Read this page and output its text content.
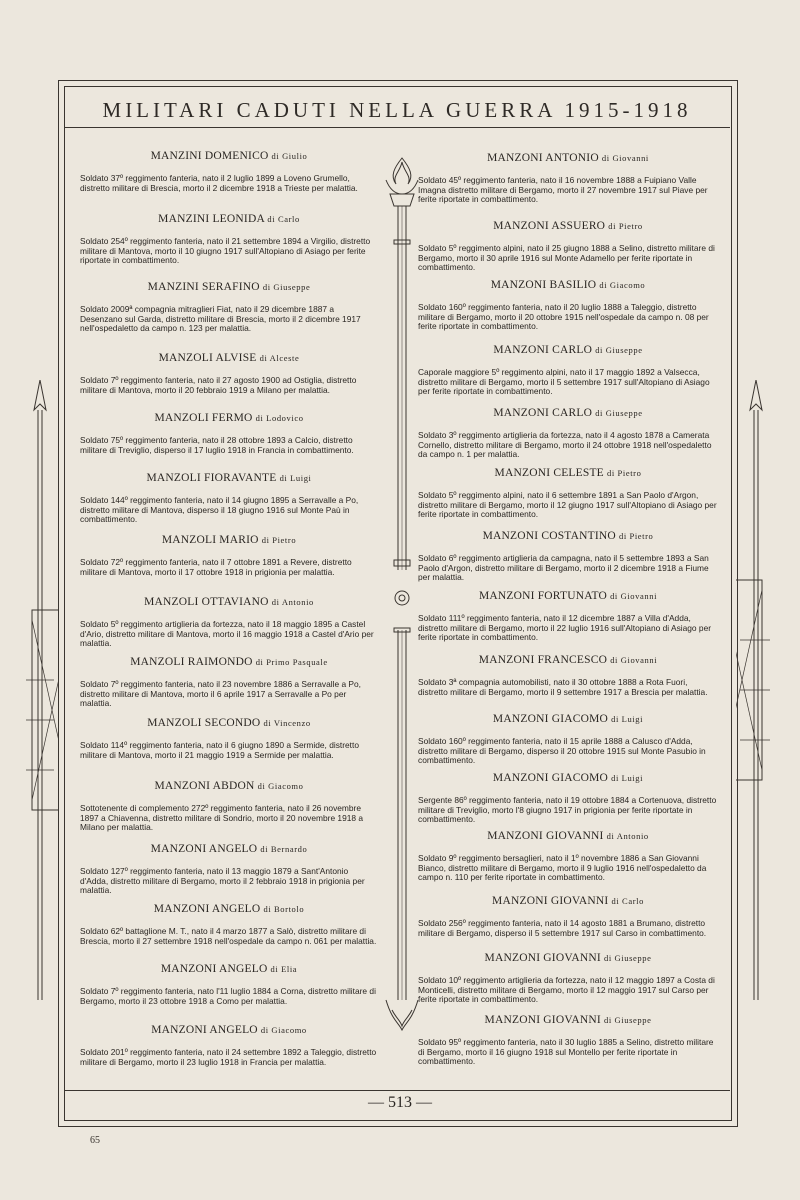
MILITARI CADUTI NELLA GUERRA 1915-1918
MANZINI DOMENICO di Giulio
Soldato 37º reggimento fanteria, nato il 2 luglio 1899 a Loveno Grumello, distretto militare di Brescia, morto il 2 dicembre 1918 a Trieste per malattia.
MANZINI LEONIDA di Carlo
Soldato 254º reggimento fanteria, nato il 21 settembre 1894 a Virgilio, distretto militare di Mantova, morto il 10 giugno 1917 sull'Altopiano di Asiago per ferite riportate in combattimento.
MANZINI SERAFINO di Giuseppe
Soldato 2009ª compagnia mitraglieri Fiat, nato il 29 dicembre 1887 a Desenzano sul Garda, distretto militare di Brescia, morto il 2 dicembre 1917 nell'ospedaletto da campo n. 123 per malattia.
MANZOLI ALVISE di Alceste
Soldato 7º reggimento fanteria, nato il 27 agosto 1900 ad Ostiglia, distretto militare di Mantova, morto il 20 febbraio 1919 a Milano per malattia.
MANZOLI FERMO di Lodovico
Soldato 75º reggimento fanteria, nato il 28 ottobre 1893 a Calcio, distretto militare di Treviglio, disperso il 17 luglio 1918 in Francia in combattimento.
MANZOLI FIORAVANTE di Luigi
Soldato 144º reggimento fanteria, nato il 14 giugno 1895 a Serravalle a Po, distretto militare di Mantova, disperso il 18 giugno 1916 sul Monte Paù in combattimento.
MANZOLI MARIO di Pietro
Soldato 72º reggimento fanteria, nato il 7 ottobre 1891 a Revere, distretto militare di Mantova, morto il 17 ottobre 1918 in prigionia per malattia.
MANZOLI OTTAVIANO di Antonio
Soldato 5º reggimento artiglieria da fortezza, nato il 18 maggio 1895 a Castel d'Ario, distretto militare di Mantova, morto il 16 maggio 1918 a Castel d'Ario per malattia.
MANZOLI RAIMONDO di Primo Pasquale
Soldato 7º reggimento fanteria, nato il 23 novembre 1886 a Serravalle a Po, distretto militare di Mantova, morto il 6 aprile 1917 a Serravalle a Po per malattia.
MANZOLI SECONDO di Vincenzo
Soldato 114º reggimento fanteria, nato il 6 giugno 1890 a Sermide, distretto militare di Mantova, morto il 21 maggio 1919 a Sermide per malattia.
MANZONI ABDON di Giacomo
Sottotenente di complemento 272º reggimento fanteria, nato il 26 novembre 1897 a Chiavenna, distretto militare di Sondrio, morto il 20 novembre 1918 a Milano per malattia.
MANZONI ANGELO di Bernardo
Soldato 127º reggimento fanteria, nato il 13 maggio 1879 a Sant'Antonio d'Adda, distretto militare di Bergamo, morto il 2 febbraio 1918 in prigionia per malattia.
MANZONI ANGELO di Bortolo
Soldato 62º battaglione M. T., nato il 4 marzo 1877 a Salò, distretto militare di Brescia, morto il 27 settembre 1918 nell'ospedale da campo n. 061 per malattia.
MANZONI ANGELO di Elia
Soldato 7º reggimento fanteria, nato l'11 luglio 1884 a Corna, distretto militare di Bergamo, morto il 23 ottobre 1918 a Como per malattia.
MANZONI ANGELO di Giacomo
Soldato 201º reggimento fanteria, nato il 24 settembre 1892 a Taleggio, distretto militare di Bergamo, morto il 23 luglio 1918 in Francia per malattia.
MANZONI ANTONIO di Giovanni
Soldato 45º reggimento fanteria, nato il 16 novembre 1888 a Fuipiano Valle Imagna distretto militare di Bergamo, morto il 27 novembre 1917 sul Piave per ferite riportate in combattimento.
MANZONI ASSUERO di Pietro
Soldato 5º reggimento alpini, nato il 25 giugno 1888 a Selino, distretto militare di Bergamo, morto il 30 aprile 1916 sul Monte Adamello per ferite riportate in combattimento.
MANZONI BASILIO di Giacomo
Soldato 160º reggimento fanteria, nato il 20 luglio 1888 a Taleggio, distretto militare di Bergamo, morto il 20 ottobre 1915 nell'ospedale da campo n. 08 per ferite riportate in combattimento.
MANZONI CARLO di Giuseppe
Caporale maggiore 5º reggimento alpini, nato il 17 maggio 1892 a Valsecca, distretto militare di Bergamo, morto il 5 settembre 1917 sull'Altopiano di Asiago per ferite riportate in combattimento.
MANZONI CARLO di Giuseppe
Soldato 3º reggimento artiglieria da fortezza, nato il 4 agosto 1878 a Camerata Cornello, distretto militare di Bergamo, morto il 24 ottobre 1918 nell'ospedaletto da campo n. 1 per malattia.
MANZONI CELESTE di Pietro
Soldato 5º reggimento alpini, nato il 6 settembre 1891 a San Paolo d'Argon, distretto militare di Bergamo, morto il 12 giugno 1917 sull'Altopiano di Asiago per ferite riportate in combattimento.
MANZONI COSTANTINO di Pietro
Soldato 6º reggimento artiglieria da campagna, nato il 5 settembre 1893 a San Paolo d'Argon, distretto militare di Bergamo, morto il 2 dicembre 1918 a Fiume per malattia.
MANZONI FORTUNATO di Giovanni
Soldato 111º reggimento fanteria, nato il 12 dicembre 1887 a Villa d'Adda, distretto militare di Bergamo, morto il 22 luglio 1916 sull'Altopiano di Asiago per ferite riportate in combattimento.
MANZONI FRANCESCO di Giovanni
Soldato 3ª compagnia automobilisti, nato il 30 ottobre 1888 a Rota Fuori, distretto militare di Bergamo, morto il 9 settembre 1917 a Brescia per malattia.
MANZONI GIACOMO di Luigi
Soldato 160º reggimento fanteria, nato il 15 aprile 1888 a Calusco d'Adda, distretto militare di Bergamo, disperso il 20 ottobre 1915 sul Monte Pasubio in combattimento.
MANZONI GIACOMO di Luigi
Sergente 86º reggimento fanteria, nato il 19 ottobre 1884 a Cortenuova, distretto militare di Treviglio, morto l'8 giugno 1917 in prigionia per ferite riportate in combattimento.
MANZONI GIOVANNI di Antonio
Soldato 9º reggimento bersaglieri, nato il 1º novembre 1886 a San Giovanni Bianco, distretto militare di Bergamo, morto il 9 luglio 1916 nell'ospedaletto da campo n. 110 per ferite riportate in combattimento.
MANZONI GIOVANNI di Carlo
Soldato 256º reggimento fanteria, nato il 14 agosto 1881 a Brumano, distretto militare di Bergamo, disperso il 5 settembre 1917 sul Carso in combattimento.
MANZONI GIOVANNI di Giuseppe
Soldato 10º reggimento artiglieria da fortezza, nato il 12 maggio 1897 a Costa di Monticelli, distretto militare di Bergamo, morto il 12 maggio 1917 sul Carso per ferite riportate in combattimento.
MANZONI GIOVANNI di Giuseppe
Soldato 95º reggimento fanteria, nato il 30 luglio 1885 a Selino, distretto militare di Bergamo, morto il 16 giugno 1918 sul Montello per ferite riportate in combattimento.
— 513 —
65
